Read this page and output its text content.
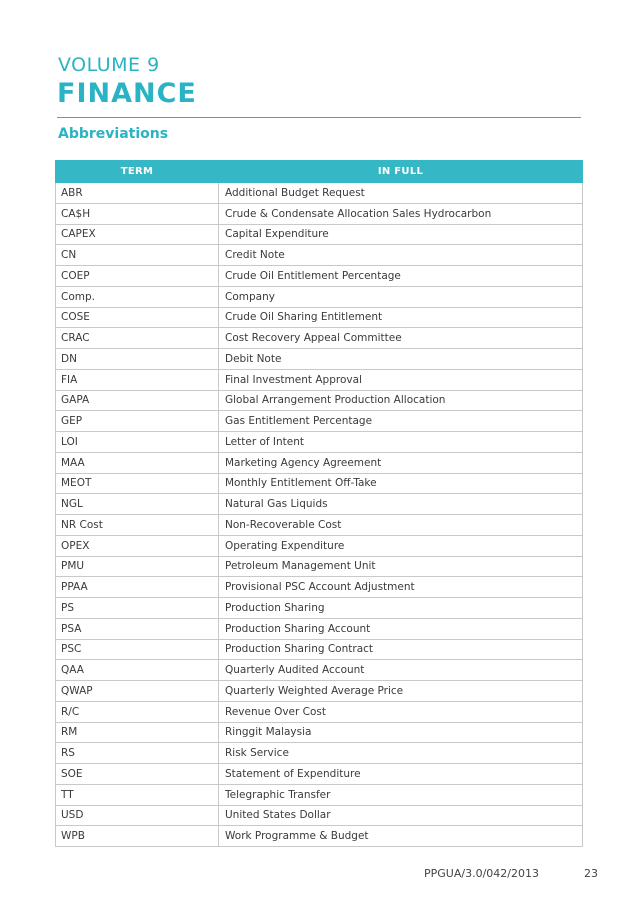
VOLUME 9
FINANCE
Abbreviations
TERM	IN FULL
ABR	Additional Budget Request
CA$H	Crude & Condensate Allocation Sales Hydrocarbon
CAPEX	Capital Expenditure
CN	Credit Note
COEP	Crude Oil Entitlement Percentage
Comp.	Company
COSE	Crude Oil Sharing Entitlement
CRAC	Cost Recovery Appeal Committee
DN	Debit Note
FIA	Final Investment Approval
GAPA	Global Arrangement Production Allocation
GEP	Gas Entitlement Percentage
LOI	Letter of Intent
MAA	Marketing Agency Agreement
MEOT	Monthly Entitlement Off-Take
NGL	Natural Gas Liquids
NR Cost	Non-Recoverable Cost
OPEX	Operating Expenditure
PMU	Petroleum Management Unit
PPAA	Provisional PSC Account Adjustment
PS	Production Sharing
PSA	Production Sharing Account
PSC	Production Sharing Contract
QAA	Quarterly Audited Account
QWAP	Quarterly Weighted Average Price
R/C	Revenue Over Cost
RM	Ringgit Malaysia
RS	Risk Service
SOE	Statement of Expenditure
TT	Telegraphic Transfer
USD	United States Dollar
WPB	Work Programme & Budget
PPGUA/3.0/042/2013	23
